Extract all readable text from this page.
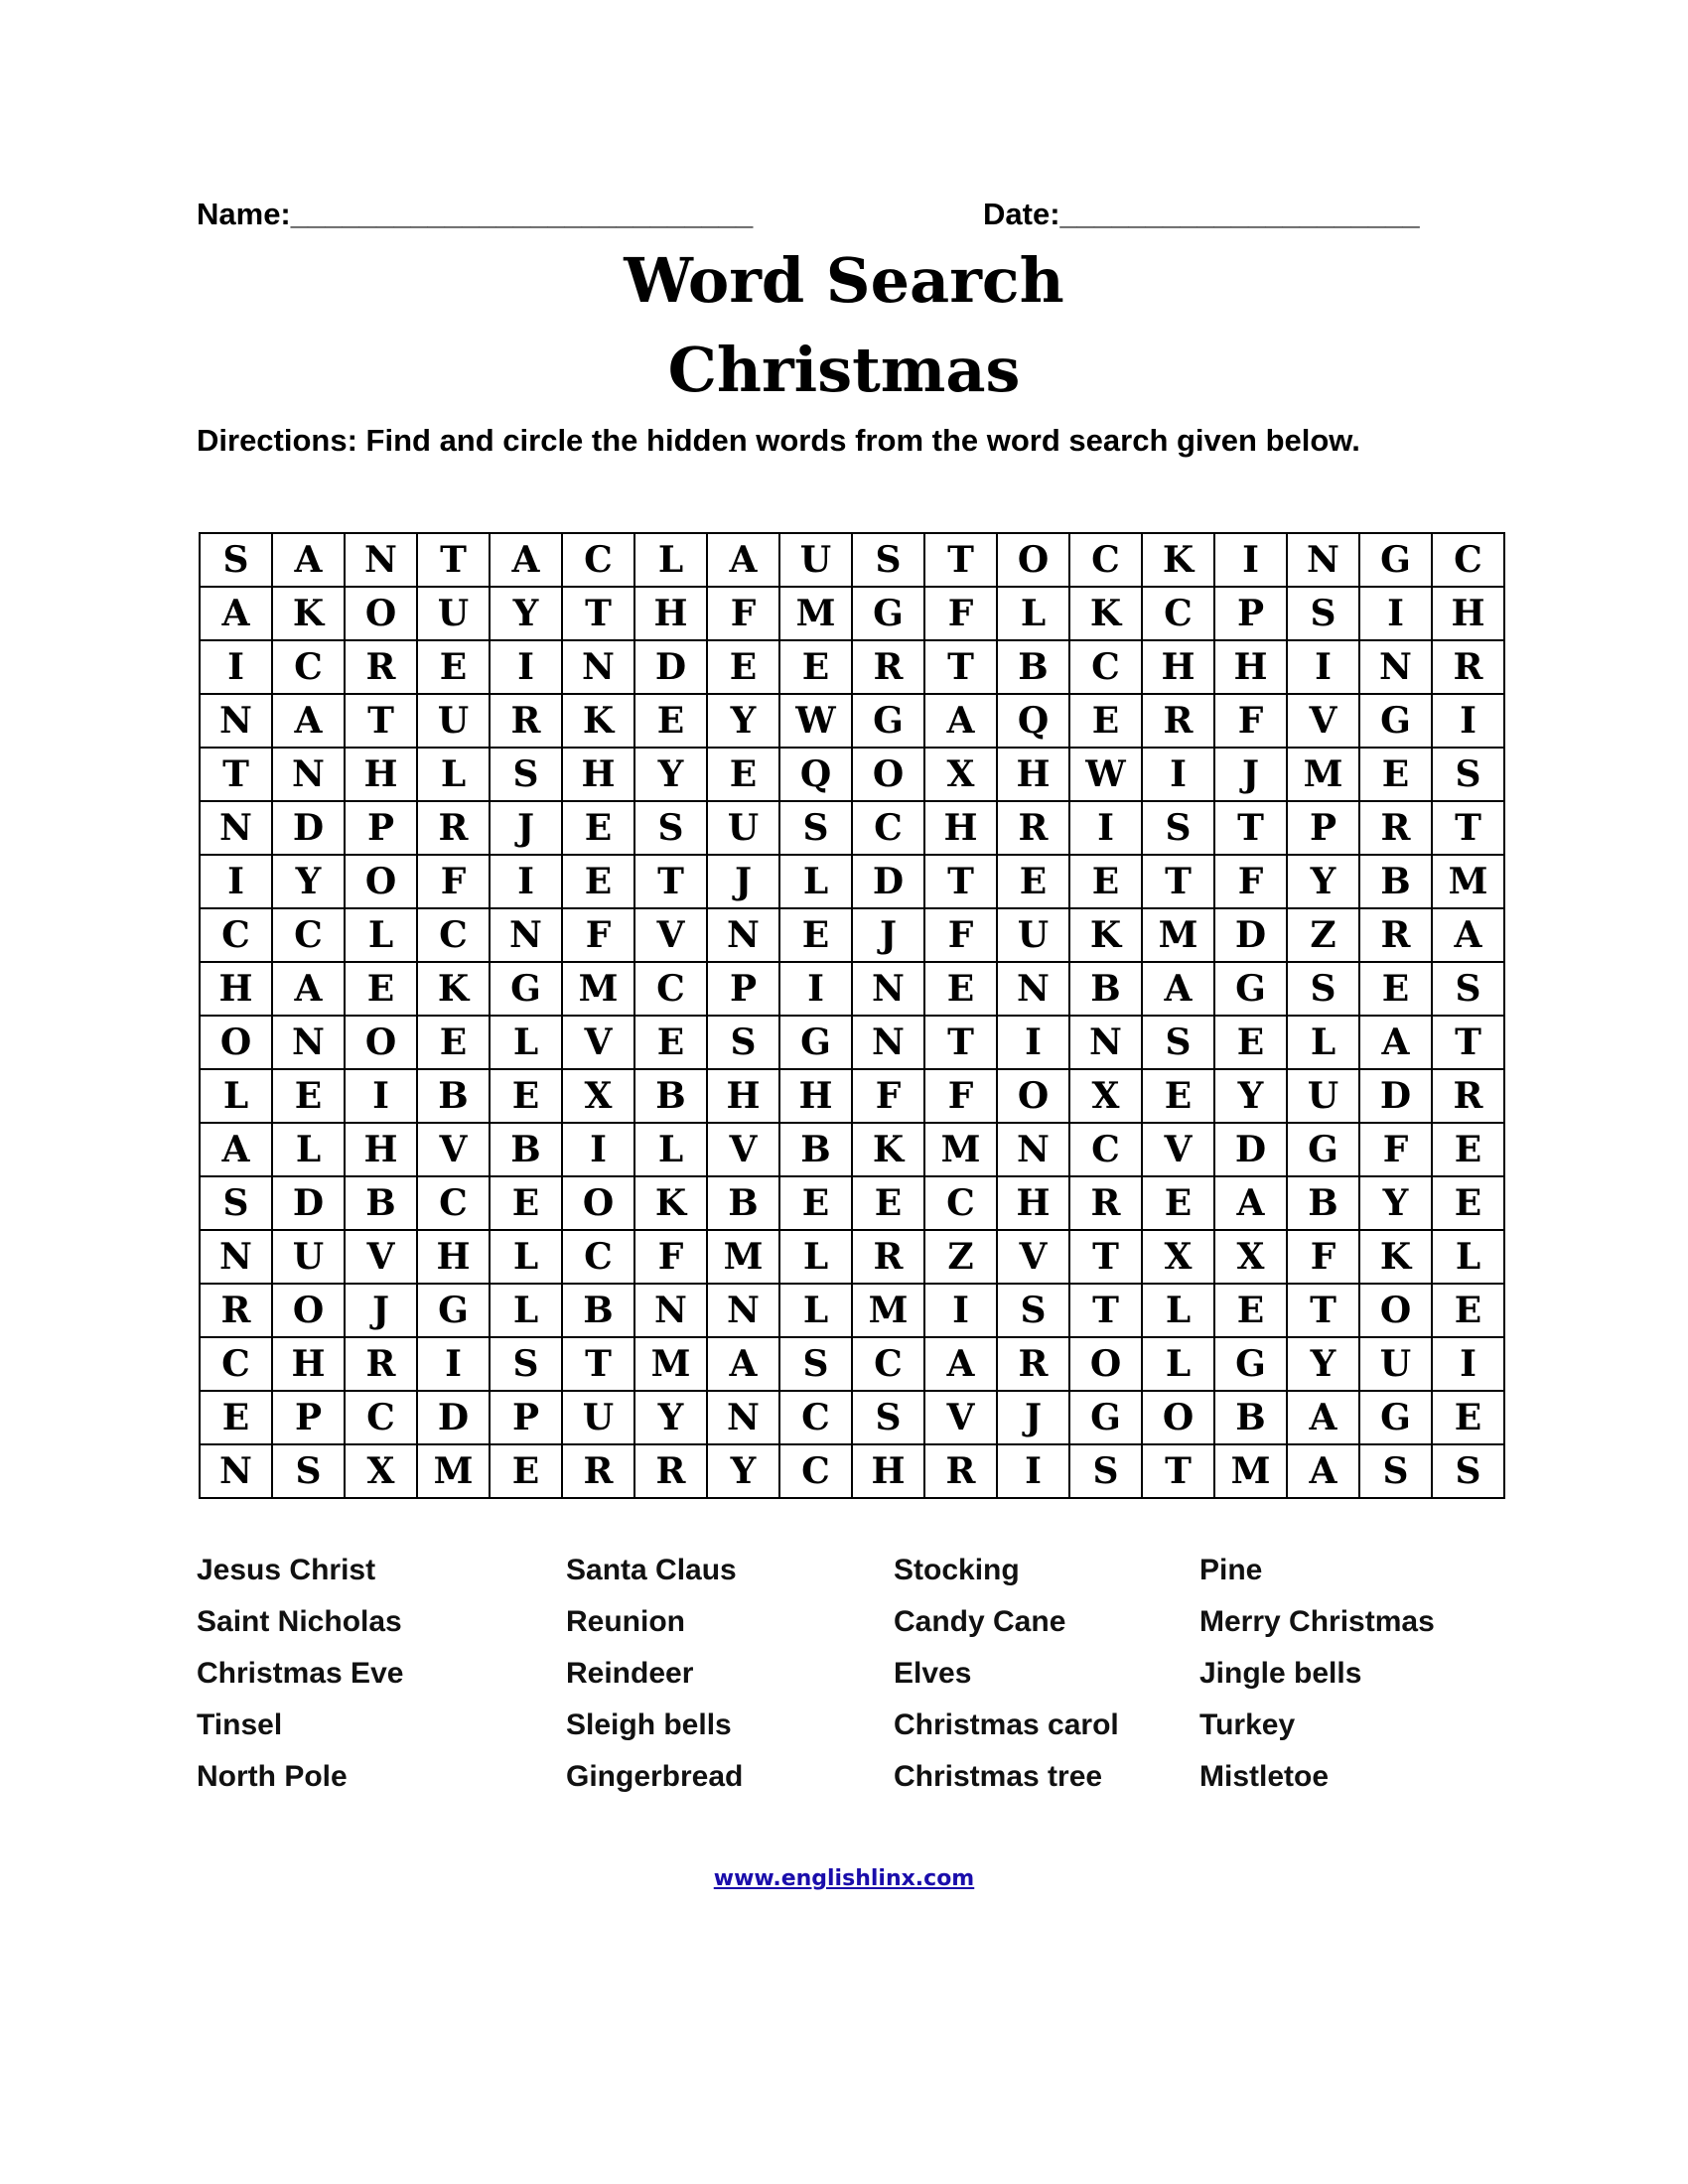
Name:___________________________	Date:_____________________
Word Search
Christmas
Directions: Find and circle the hidden words from the word search given below.
S	A	N	T	A	C	L	A	U	S	T	O	C	K	I	N	G	C
A	K	O	U	Y	T	H	F	M	G	F	L	K	C	P	S	I	H
I	C	R	E	I	N	D	E	E	R	T	B	C	H	H	I	N	R
N	A	T	U	R	K	E	Y	W	G	A	Q	E	R	F	V	G	I
T	N	H	L	S	H	Y	E	Q	O	X	H	W	I	J	M	E	S
N	D	P	R	J	E	S	U	S	C	H	R	I	S	T	P	R	T
I	Y	O	F	I	E	T	J	L	D	T	E	E	T	F	Y	B	M
C	C	L	C	N	F	V	N	E	J	F	U	K	M	D	Z	R	A
H	A	E	K	G	M	C	P	I	N	E	N	B	A	G	S	E	S
O	N	O	E	L	V	E	S	G	N	T	I	N	S	E	L	A	T
L	E	I	B	E	X	B	H	H	F	F	O	X	E	Y	U	D	R
A	L	H	V	B	I	L	V	B	K	M	N	C	V	D	G	F	E
S	D	B	C	E	O	K	B	E	E	C	H	R	E	A	B	Y	E
N	U	V	H	L	C	F	M	L	R	Z	V	T	X	X	F	K	L
R	O	J	G	L	B	N	N	L	M	I	S	T	L	E	T	O	E
C	H	R	I	S	T	M	A	S	C	A	R	O	L	G	Y	U	I
E	P	C	D	P	U	Y	N	C	S	V	J	G	O	B	A	G	E
N	S	X	M	E	R	R	Y	C	H	R	I	S	T	M	A	S	S
Jesus Christ	Santa Claus	Stocking	Pine
Saint Nicholas	Reunion	Candy Cane	Merry Christmas
Christmas Eve	Reindeer	Elves	Jingle bells
Tinsel	Sleigh bells	Christmas carol	Turkey
North Pole	Gingerbread	Christmas tree	Mistletoe
www.englishlinx.com
